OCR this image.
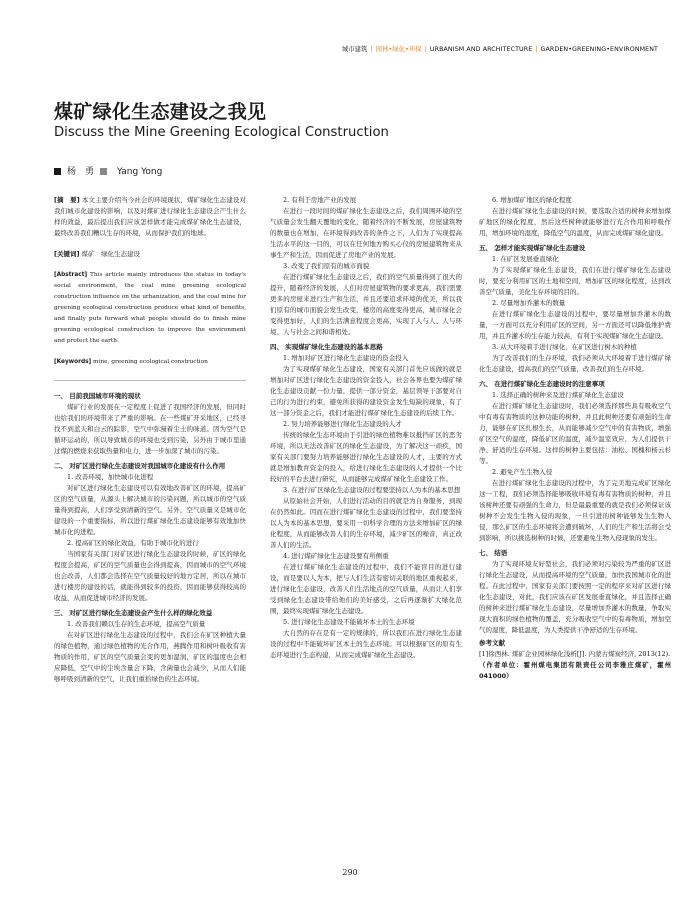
城市建筑 | 园林•绿化•环保 | URBANISM AND ARCHITECTURE | GARDEN•GREENING•ENVIRONMENT
煤矿绿化生态建设之我见
Discuss the Mine Greening Ecological Construction
杨　勇	Yang Yong
[摘　要] 本文主要介绍当今社会的环境现状，煤矿绿化生态建设对我们城市化建设的影响，以及对煤矿进行绿化生态建设会产生什么样的效益，最后提出我们应该怎样做才能完成煤矿绿化生态建设，最终改善我们糟以生存的环境，从而保护我们的地球。
[关键词] 煤矿　绿化生态建设
[Abstract] This article mainly introduces the status in today's social environment, the coal mine greening ecological construction influence on the urbanization, and the coal mine for greening ecological construction produce what kind of benefits, and finally puts forward what people should do to finish mine greening ecological construction to improve the environment and protect the earth.
[Keywords] mine, greening ecological construction
一、 目前我国城市环境的现状
煤矿行业的发展在一定程度上促进了我国经济的发展，但同时也给我们的环境带来了严重的影响。在一些煤矿开采地区，已经寻找不到蓝天和白云的踪影，空气中弥漫着尘土的味道。因为空气是循环运动的，所以导致城市的环境也受到污染，另外由于城市里通过煤的燃烧来获取热量和电力，进一步加深了城市的污染。
二、 对矿区进行绿化生态建设对我国城市化建设有什么作用
1. 改善环境，加快城市化进程
对矿区进行绿化生态建设可以有效地改善矿区的环境，提高矿区的空气质量，从源头上解决城市的污染问题，所以城市的空气质量得到提高，人们享受到清新的空气。另外，空气质量又是城市化建设的一个重要指标，所以进行煤矿绿化生态建设能够有效地加快城市化的进程。
2. 提高矿区的绿化效益，有助于城市化的进行
当国家有关部门对矿区进行绿化生态建设的时候，矿区的绿化程度会提高，矿区的空气质量也会得到提高，因而城市的空气环境也会改善，人们都会选择在空气质量较好的地方定居，所以在城市进行楼房的建设的话，就能得到较多的投资，因而能够获得较高的收益，从而促进城市经济的发展。
三、 对矿区进行绿化生态建设会产生什么样的绿化效益
1. 改善我们赖以生存的生态环境，提高空气质量
在对矿区进行绿化生态建设的过程中，我们会在矿区种植大量的绿色植物，通过绿色植物的光合作用，燕腾作用和树叶吸收有害物质的作用，矿区的空气质量会变的更加湿润，矿区的温度也会相应降低，空气中的尘埃含量会下降，含菌量也会减少，从而人们能够呼吸到清新的空气，让我们重拾绿色的生态环境。
2. 有利于房地产业的发展
在进行一段时间的煤矿绿化生态建设之后，我们周围环境的空气质量会发生翻天覆地的变化，随着经济的不断发展，房屋建筑物的数量也在增加，在环境得到改善的条件之下，人们为了实现提高生活水平的这一目的，可以在任何地方购买心仪的房屋建筑物来从事生产和生活，因而促进了房地产业的发展。
3. 改变了我们原有的城市面貌
在进行煤矿绿化生态建设之后，我们的空气质量得到了很大的提升，随着经济的发展，人们对房屋建筑物的要求更高，我们需要更多的房屋来进行生产和生活，并且还要追求环境的优美，所以我们原有的城市面貌会发生改变，楼房的高度变得更高，城市绿化会变得更加好，人们的生活满意程度会更高，实现了人与人、人与环境、人与社会之间和谐相处。
四、 实现煤矿绿化生态建设的基本思路
1. 增加对矿区进行绿化生态建设的资金投入
为了实现煤矿绿化生态建设，国家有关部门首先应该做的就是增加对矿区进行绿化生态建设的资金投入，社会各界也要为煤矿绿化生态建设贡献一份力量，提供一部分资金，基层领导干部要对自己的行为进行约束，避免所获得的建设资金发生短缺的现象，有了这一部分资金之后，我们才能进行煤矿绿化生态建设的后续工作。
2. 努力培养能够进行绿化生态建设的人才
传统的绿化生态环境由于引进的绿色植物难以抵挡矿区的恶劣环境，所以无法改善矿区的绿化生态建设，为了解决这一顽疾，国家有关部门要努力培养能够进行绿化生态建设的人才，主要的方式就是增加教育资金的投入，给进行绿化生态建设的人才提供一个比较好的平台去进行研究，从而能够完成煤矿绿化生态建设工作。
3. 在进行矿区绿化生态建设的过程要坚持以人为本的基本思想
从原始社会开始，人们进行活动的目的就是为自身服务，到现在仍然如此。因而在进行煤矿绿化生态建设的过程中，我们要坚持以人为本的基本思想，要采用一切科学合理的方法来增加矿区的绿化程度，从而能够改善人们的生存环境，减少矿区的噪音，真正改善人们的生活。
4. 进行煤矿绿化生态建设要有所侧重
在进行煤矿绿化生态建设的过程中，我们不能盲目的进行建设，而是要以人为本，把与人们生活有密切关联的地区重视起来，进行绿化生态建设，改善人们生活地点的空气质量，从而让人们享受到绿化生态建设带给他们的美好感受，之后再逐渐扩大绿化范围，最终实现煤矿绿化生态建设。
5. 进行绿化生态建设不能破坏本土的生态环境
大自然的存在是有一定的规律的，所以我们在进行绿化生态建设的过程中不能破坏矿区本土的生态环境。可以根据矿区的原有生态环境进行生态构建，从而完成煤矿绿化生态建设。
6. 增加煤矿地区的绿化程度
在进行煤矿绿化生态建设的时候，要选取合适的树种来增加煤矿地区的绿化程度，然后这些树种就能够进行光合作用和呼吸作用，增加环境的湿度，降低空气的温度，从而完成煤矿绿化建设。
五、 怎样才能实现煤矿绿化生态建设
1. 在矿区发展垂直绿化
为了实现煤矿绿化生态建设，我们在进行煤矿绿化生态建设时，要充分利用矿区的土地和空间，增加矿区的绿化程度，达到改善空气质量，美化生存环境的目的。
2. 尽量增加乔灌木的数量
在进行煤矿绿化生态建设的过程中，要尽量增加乔灌木的数量，一方面可以充分利用矿区的空间，另一方面还可以降低维护费用，并且乔灌木的生存能力较高，有利于实现煤矿绿化生态建设。
3. 从大环境着手进行绿化，在矿区进行树木的种植
为了改善我们的生存环境，我们必须从大环境着手进行煤矿绿化生态建设，提高我们的空气质量，改善我们的生存环境。
六、 在进行煤矿绿化生态建设时的注意事项
1. 选择正确的树种来及进行煤矿绿化生态建设
在进行煤矿绿化生态建设时，我们必须选择那些具有吸收空气中有毒有害物质的这种功能的树种，并且此树种还要有顽强的生命力，能够在矿区扎根生长，从而能够减少空气中的有害物质，增强矿区空气的湿度，降低矿区的温度，减少温室效应，为人们提供干净、舒适的生存环境。这样的树种主要包括：油松、国槐和杨云杉等。
2. 避免产生生物入侵
在进行煤矿绿化生态建设的过程中，为了完美地完成矿区绿化这一工程，我们必须选择能够吸收环境有毒有害物质的树种，并且该树种还要有顽强的生命力，但是最最重要的就是我们必须保证该树种不会发生生物入侵的现象，一旦引进的树种能够发生生物入侵，那么矿区的生态环境将会遭到破坏，人们的生产和生活将会受到影响，所以挑选树种的时候，还要避免生物入侵现象的发生。
七、 结语
为了实现环境友好型社会，我们必须对污染较为严重的矿区进行绿化生态建设，从而提高环境的空气质量，加快我国城市化的进程。在此过程中，国家有关部门要按照一定的程序来对矿区进行绿化生态建设，对此，我们应该在矿区发展垂直绿化，并且选择正确的树种来进行煤矿绿化生态建设，尽量增加乔灌木的数量，争取实现大面积的绿色植物的覆盖，充分吸收空气中的有毒物质，增加空气的湿度，降低温度，为人类提供干净舒适的生存环境。
参考文献
[1]徐西林. 煤矿企业园林绿化浅析[J]. 内蒙古煤炭经济, 2013(12).
（作者单位：霍州煤电集团有限责任公司李雅庄煤矿，霍州　041000）
290
